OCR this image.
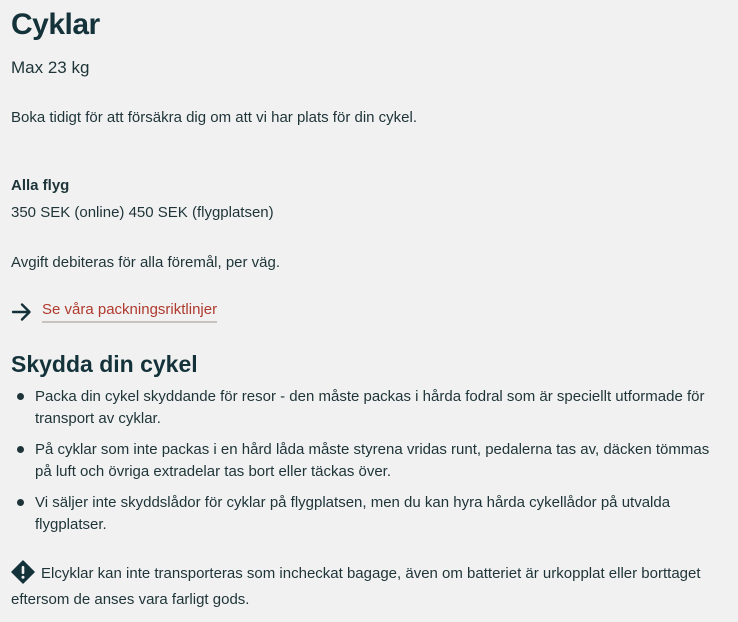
Cyklar
Max 23 kg
Boka tidigt för att försäkra dig om att vi har plats för din cykel.
Alla flyg
350 SEK (online) 450 SEK (flygplatsen)
Avgift debiteras för alla föremål, per väg.
Se våra packningsriktlinjer
Skydda din cykel
Packa din cykel skyddande för resor - den måste packas i hårda fodral som är speciellt utformade för transport av cyklar.
På cyklar som inte packas i en hård låda måste styrena vridas runt, pedalerna tas av, däcken tömmas på luft och övriga extradelar tas bort eller täckas över.
Vi säljer inte skyddslådor för cyklar på flygplatsen, men du kan hyra hårda cykellådor på utvalda flygplatser.
Elcyklar kan inte transporteras som incheckat bagage, även om batteriet är urkopplat eller borttaget eftersom de anses vara farligt gods.
